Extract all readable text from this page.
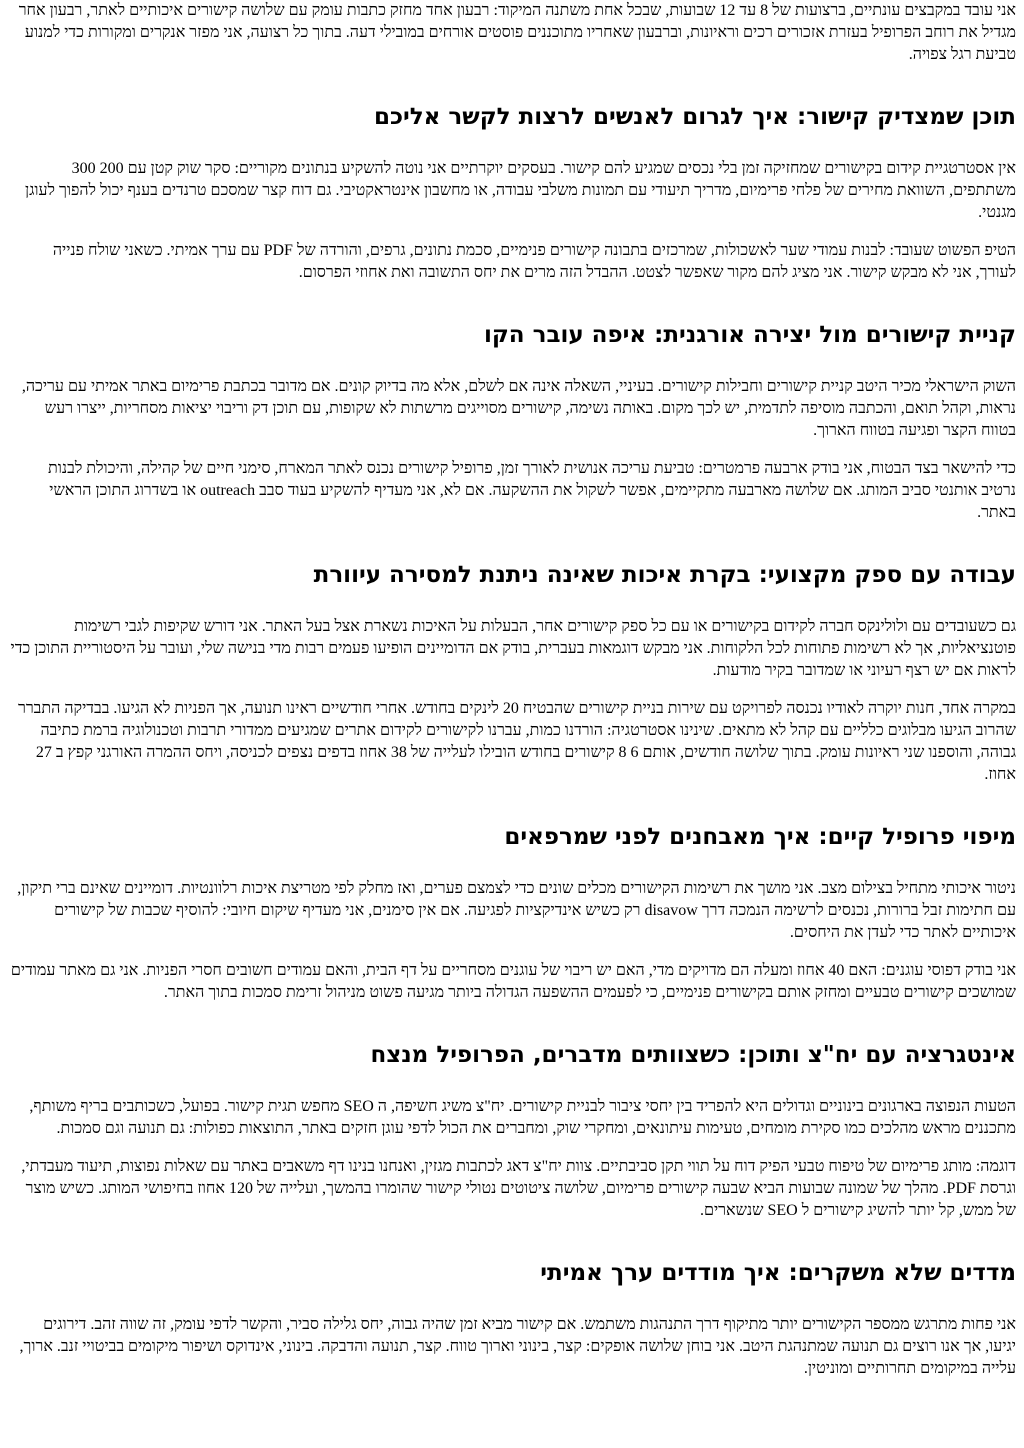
אני עובד במקבצים עונתיים, ברצועות של 8 עד 12 שבועות, שבכל אחת משתנה המיקוד: רבעון אחד מחזק כתבות עומק עם שלושה קישורים איכותיים לאתר, רבעון אחר מגדיל את רוחב הפרופיל בעזרת אזכורים רכים וראיונות, וברבעון שאחריו מתוכננים פוסטים אורחים במובילי דעה. בתוך כל רצועה, אני מפזר אנקרים ומקורות כדי למנוע טביעת רגל צפויה.

תוכן שמצדיק קישור: איך לגרום לאנשים לרצות לקשר אליכם

אין אסטרטגיית קידום בקישורים שמחזיקה זמן בלי נכסים שמגיע להם קישור. בעסקים יוקרתיים אני נוטה להשקיע בנתונים מקוריים: סקר שוק קטן עם 200 300 משתתפים, השוואת מחירים של פלחי פרימיום, מדריך תיעודי עם תמונות משלבי עבודה, או מחשבון אינטראקטיבי. גם דוח קצר שמסכם טרנדים בענף יכול להפוך לעוגן מגנטי.

הטיפ הפשוט שעובד: לבנות עמודי שער לאשכולות, שמרכזים בתבונה קישורים פנימיים, סכמת נתונים, גרפים, והורדה של PDF עם ערך אמיתי. כשאני שולח פנייה לעורך, אני לא מבקש קישור. אני מציג להם מקור שאפשר לצטט. ההבדל הזה מרים את יחס התשובה ואת אחוזי הפרסום.

קניית קישורים מול יצירה אורגנית: איפה עובר הקו

השוק הישראלי מכיר היטב קניית קישורים וחבילות קישורים. בעיניי, השאלה אינה אם לשלם, אלא מה בדיוק קונים. אם מדובר בכתבת פרימיום באתר אמיתי עם עריכה, נראות, וקהל תואם, והכתבה מוסיפה לתדמית, יש לכך מקום. באותה נשימה, קישורים מסוייגים מרשתות לא שקופות, עם תוכן דק וריבוי יציאות מסחריות, ייצרו רעש בטווח הקצר ופגיעה בטווח הארוך.

כדי להישאר בצד הבטוח, אני בודק ארבעה פרמטרים: טביעת עריכה אנושית לאורך זמן, פרופיל קישורים נכנס לאתר המארח, סימני חיים של קהילה, והיכולת לבנות נרטיב אותנטי סביב המותג. אם שלושה מארבעה מתקיימים, אפשר לשקול את ההשקעה. אם לא, אני מעדיף להשקיע בעוד סבב outreach או בשדרוג התוכן הראשי באתר.

עבודה עם ספק מקצועי: בקרת איכות שאינה ניתנת למסירה עיוורת

גם כשעובדים עם ולולינקס חברה לקידום בקישורים או עם כל ספק קישורים אחר, הבעלות על האיכות נשארת אצל בעל האתר. אני דורש שקיפות לגבי רשימות פוטנציאליות, אך לא רשימות פתוחות לכל הלקוחות. אני מבקש דוגמאות בעברית, בודק אם הדומיינים הופיעו פעמים רבות מדי בנישה שלי, ועובר על היסטוריית התוכן כדי לראות אם יש רצף רעיוני או שמדובר בקיר מודעות.

במקרה אחד, חנות יוקרה לאודיו נכנסה לפרויקט עם שירות בניית קישורים שהבטיח 20 לינקים בחודש. אחרי חודשיים ראינו תנועה, אך הפניות לא הגיעו. בבדיקה התברר שהרוב הגיעו מבלוגים כלליים עם קהל לא מתאים. שינינו אסטרטגיה: הורדנו כמות, עברנו לקישורים לקידום אתרים שמגיעים ממדורי תרבות וטכנולוגיה ברמת כתיבה גבוהה, והוספנו שני ראיונות עומק. בתוך שלושה חודשים, אותם 6 8 קישורים בחודש הובילו לעלייה של 38 אחוז בדפים נצפים לכניסה, ויחס ההמרה האורגני קפץ ב 27 אחוז.

מיפוי פרופיל קיים: איך מאבחנים לפני שמרפאים

ניטור איכותי מתחיל בצילום מצב. אני מושך את רשימות הקישורים מכלים שונים כדי לצמצם פערים, ואז מחלק לפי מטריצת איכות רלוונטיות. דומיינים שאינם ברי תיקון, עם חתימות זבל ברורות, נכנסים לרשימה הנמכה דרך disavow רק כשיש אינדיקציות לפגיעה. אם אין סימנים, אני מעדיף שיקום חיובי: להוסיף שכבות של קישורים איכותיים לאתר כדי לעדן את היחסים.

אני בודק דפוסי עוגנים: האם 40 אחוז ומעלה הם מדויקים מדי, האם יש ריבוי של עוגנים מסחריים על דף הבית, והאם עמודים חשובים חסרי הפניות. אני גם מאתר עמודים שמושכים קישורים טבעיים ומחזק אותם בקישורים פנימיים, כי לפעמים ההשפעה הגדולה ביותר מגיעה פשוט מניהול זרימת סמכות בתוך האתר.

אינטגרציה עם יח"צ ותוכן: כשצוותים מדברים, הפרופיל מנצח

הטעות הנפוצה בארגונים בינוניים וגדולים היא להפריד בין יחסי ציבור לבניית קישורים. יח"צ משיג חשיפה, ה SEO מחפש תגית קישור. בפועל, כשכותבים בריף משותף, מתכננים מראש מהלכים כמו סקירת מומחים, טעימות עיתונאים, ומחקרי שוק, ומחברים את הכול לדפי עוגן חזקים באתר, התוצאות כפולות: גם תנועה וגם סמכות.

דוגמה: מותג פרימיום של טיפוח טבעי הפיק דוח על תווי תקן סביבתיים. צוות יח"צ דאג לכתבות מגזין, ואנחנו בנינו דף משאבים באתר עם שאלות נפוצות, תיעוד מעבדתי, וגרסת PDF. מהלך של שמונה שבועות הביא שבעה קישורים פרימיום, שלושה ציטוטים נטולי קישור שהומרו בהמשך, ועלייה של 120 אחוז בחיפושי המותג. כשיש מוצר של ממש, קל יותר להשיג קישורים ל SEO שנשארים.

מדדים שלא משקרים: איך מודדים ערך אמיתי

אני פחות מתרגש ממספר הקישורים יותר מתיקוף דרך התנהגות משתמש. אם קישור מביא זמן שהיה גבוה, יחס גלילה סביר, והקשר לדפי עומק, זה שווה זהב. דירוגים יגיעו, אך אנו רוצים גם תנועה שמתנהגת היטב. אני בוחן שלושה אופקים: קצר, בינוני וארוך טווח. קצר, תנועה והדבקה. בינוני, אינדוקס ושיפור מיקומים בביטויי זנב. ארוך, עלייה במיקומים תחרותיים ומוניטין.
